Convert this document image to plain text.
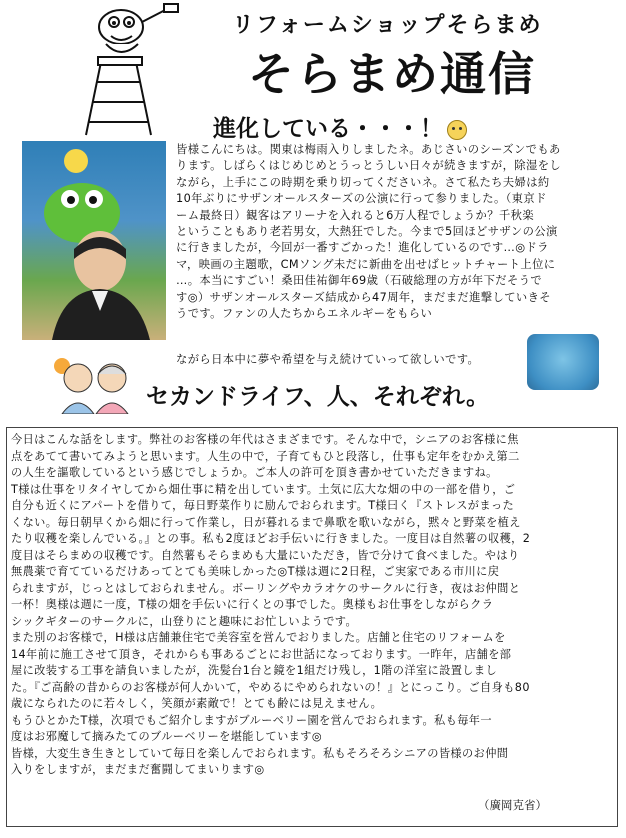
リフォームショップそらまめ
そらまめ通信
進化している・・・！
皆様こんにちは。関東は梅雨入りしましたネ。あじさいのシーズンでもあ
ります。しばらくはじめじめとうっとうしい日々が続きますが，除湿をし
ながら，上手にこの時期を乗り切ってくださいネ。さて私たち夫婦は約
10年ぶりにサザンオールスターズの公演に行って参りました。（東京ド
ーム最終日）観客はアリーナを入れると6万人程でしょうか？千秋楽
ということもあり老若男女，大熱狂でした。今まで5回ほどサザンの公演
に行きましたが，今回が一番すごかった！進化しているのです…◎ドラ
マ，映画の主題歌，CMソング未だに新曲を出せばヒットチャート上位に
…。本当にすごい！桑田佳祐御年69歳（石破総理の方が年下だそうで
す◎）サザンオールスターズ結成から47周年，まだまだ進撃していきそ
うです。ファンの人たちからエネルギーをもらい
ながら日本中に夢や希望を与え続けていって欲しいです。
セカンドライフ、人、それぞれ。
今日はこんな話をします。弊社のお客様の年代はさまざまです。そんな中で，シニアのお客様に焦
点をあてて書いてみようと思います。人生の中で，子育てもひと段落し，仕事も定年をむかえ第二
の人生を謳歌しているという感じでしょうか。ご本人の許可を頂き書かせていただきますね。
T様は仕事をリタイヤしてから畑仕事に精を出しています。土気に広大な畑の中の一部を借り，ご
自分も近くにアパートを借りて，毎日野菜作りに励んでおられます。T様曰く『ストレスがまった
くない。毎日朝早くから畑に行って作業し，日が暮れるまで鼻歌を歌いながら，黙々と野菜を植え
たり収穫を楽しんでいる。』との事。私も2度ほどお手伝いに行きました。一度目は自然薯の収穫，2
度目はそらまめの収穫です。自然薯もそらまめも大量にいただき，皆で分けて食べました。やはり
無農薬で育てているだけあってとても美味しかった◎T様は週に2日程，ご実家である市川に戻
られますが，じっとはしておられません。ボーリングやカラオケのサークルに行き，夜はお仲間と
一杯！奥様は週に一度，T様の畑を手伝いに行くとの事でした。奥様もお仕事をしながらクラ
シックギターのサークルに，山登りにと趣味にお忙しいようです。
また別のお客様で，H様は店舗兼住宅で美容室を営んでおりました。店舗と住宅のリフォームを
14年前に施工させて頂き，それからも事あるごとにお世話になっております。一昨年，店舗を部
屋に改装する工事を請負いましたが，洗髪台1台と鏡を1組だけ残し，1階の洋室に設置しまし
た。『ご高齢の昔からのお客様が何人かいて，やめるにやめられないの！』とにっこり。ご自身も80
歳になられたのに若々しく，笑顔が素敵で！とても齢には見えません。
もうひとかたT様，次項でもご紹介しますがブルーベリー園を営んでおられます。私も毎年一
度はお邪魔して摘みたてのブルーベリーを堪能しています◎
皆様，大変生き生きとしていて毎日を楽しんでおられます。私もそろそろシニアの皆様のお仲間
入りをしますが，まだまだ奮闘してまいります◎
（廣岡克省）
